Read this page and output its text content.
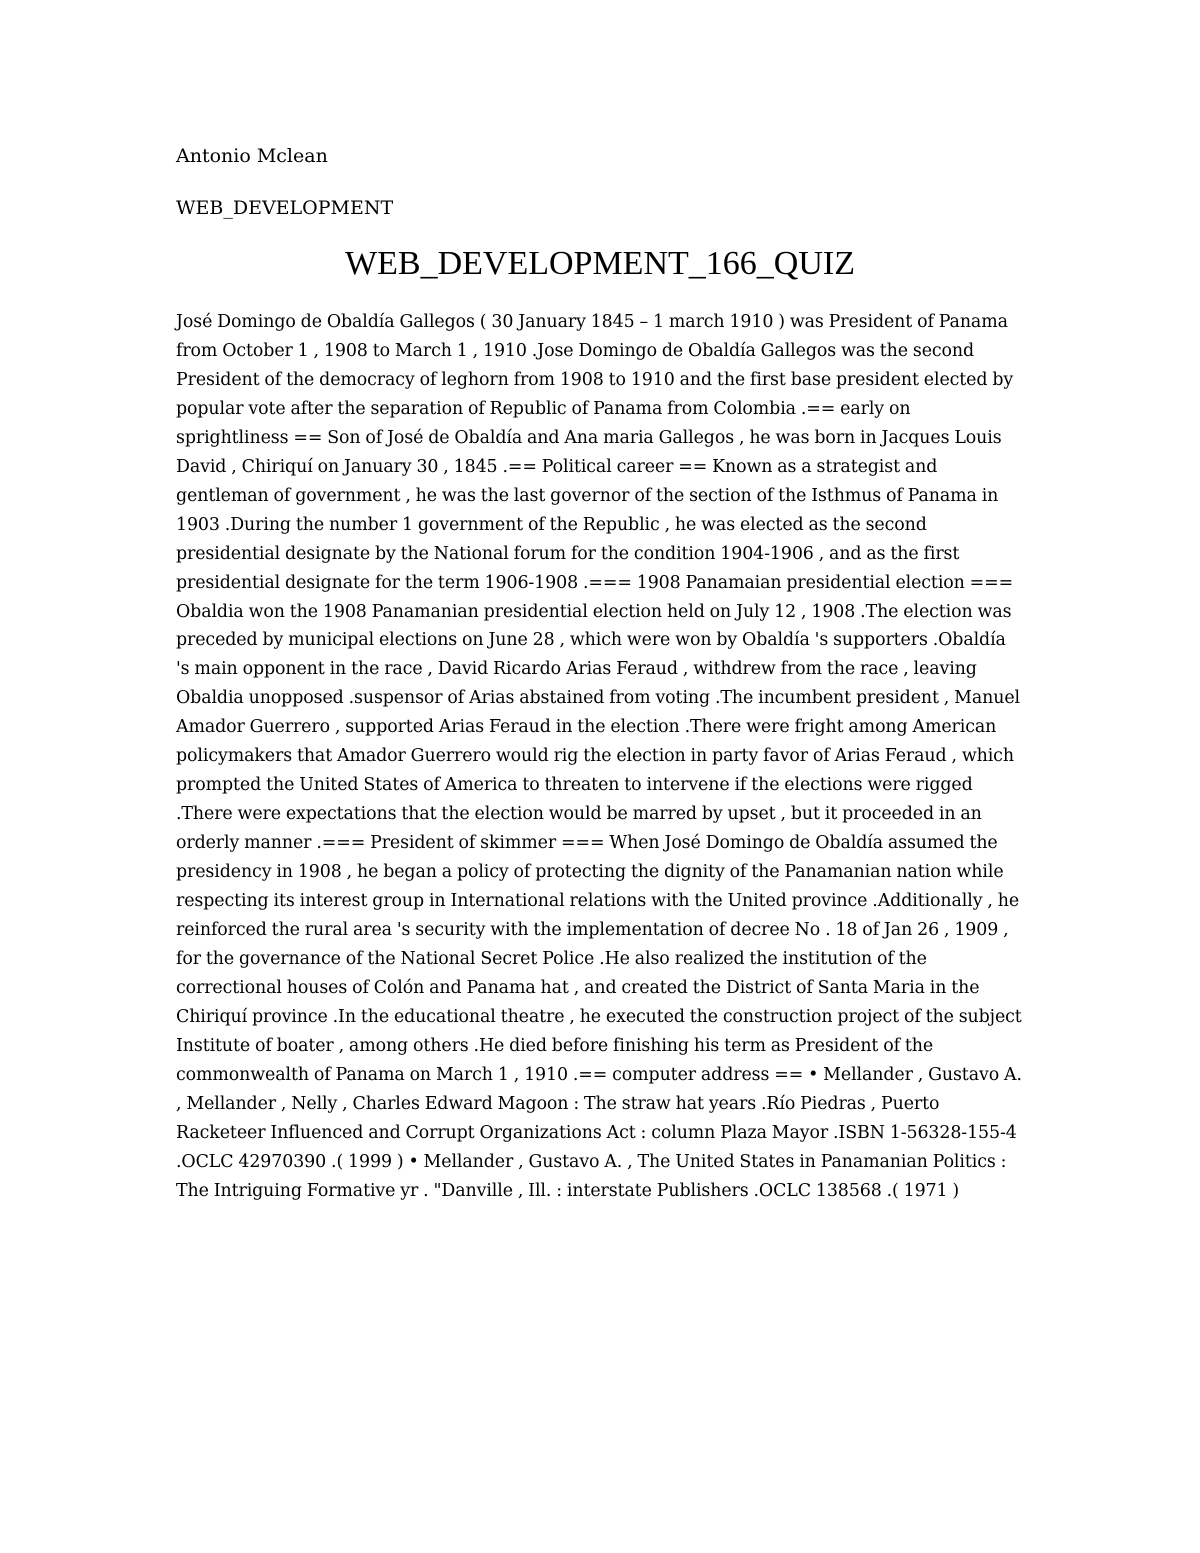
Antonio Mclean

WEB_DEVELOPMENT

WEB_DEVELOPMENT_166_QUIZ

José Domingo de Obaldía Gallegos ( 30 January 1845 – 1 march 1910 ) was President of Panama from October 1 , 1908 to March 1 , 1910 .Jose Domingo de Obaldía Gallegos was the second President of the democracy of leghorn from 1908 to 1910 and the first base president elected by popular vote after the separation of Republic of Panama from Colombia .== early on sprightliness == Son of José de Obaldía and Ana maria Gallegos , he was born in Jacques Louis David , Chiriquí on January 30 , 1845 .== Political career == Known as a strategist and gentleman of government , he was the last governor of the section of the Isthmus of Panama in 1903 .During the number 1 government of the Republic , he was elected as the second presidential designate by the National forum for the condition 1904-1906 , and as the first presidential designate for the term 1906-1908 .=== 1908 Panamaian presidential election === Obaldia won the 1908 Panamanian presidential election held on July 12 , 1908 .The election was preceded by municipal elections on June 28 , which were won by Obaldía 's supporters .Obaldía 's main opponent in the race , David Ricardo Arias Feraud , withdrew from the race , leaving Obaldia unopposed .suspensor of Arias abstained from voting .The incumbent president , Manuel Amador Guerrero , supported Arias Feraud in the election .There were fright among American policymakers that Amador Guerrero would rig the election in party favor of Arias Feraud , which prompted the United States of America to threaten to intervene if the elections were rigged .There were expectations that the election would be marred by upset , but it proceeded in an orderly manner .=== President of skimmer === When José Domingo de Obaldía assumed the presidency in 1908 , he began a policy of protecting the dignity of the Panamanian nation while respecting its interest group in International relations with the United province .Additionally , he reinforced the rural area 's security with the implementation of decree No . 18 of Jan 26 , 1909 , for the governance of the National Secret Police .He also realized the institution of the correctional houses of Colón and Panama hat , and created the District of Santa Maria in the Chiriquí province .In the educational theatre , he executed the construction project of the subject Institute of boater , among others .He died before finishing his term as President of the commonwealth of Panama on March 1 , 1910 .== computer address == • Mellander , Gustavo A. , Mellander , Nelly , Charles Edward Magoon : The straw hat years .Río Piedras , Puerto Racketeer Influenced and Corrupt Organizations Act : column Plaza Mayor .ISBN 1-56328-155-4 .OCLC 42970390 .( 1999 ) • Mellander , Gustavo A. , The United States in Panamanian Politics : The Intriguing Formative yr . "Danville , Ill. : interstate Publishers .OCLC 138568 .( 1971 )
